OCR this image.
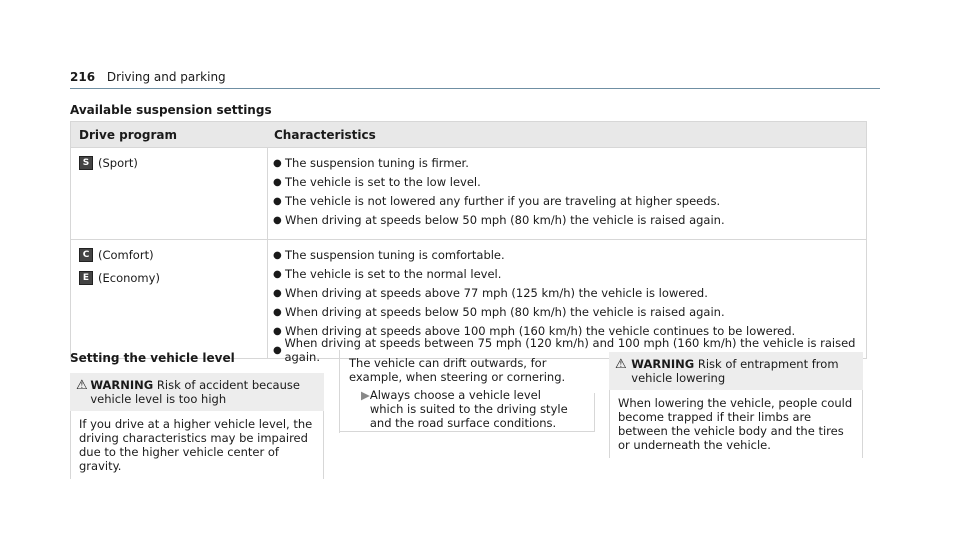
216 Driving and parking
Available suspension settings
Drive program	Characteristics
S (Sport)	● The suspension tuning is firmer.
● The vehicle is set to the low level.
● The vehicle is not lowered any further if you are traveling at higher speeds.
● When driving at speeds below 50 mph (80 km/h) the vehicle is raised again.
C (Comfort)
E (Economy)
● The suspension tuning is comfortable.
● The vehicle is set to the normal level.
● When driving at speeds above 77 mph (125 km/h) the vehicle is lowered.
● When driving at speeds below 50 mph (80 km/h) the vehicle is raised again.
● When driving at speeds above 100 mph (160 km/h) the vehicle continues to be lowered.
● When driving at speeds between 75 mph (120 km/h) and 100 mph (160 km/h) the vehicle is raised again.
Setting the vehicle level
⚠ WARNING Risk of accident because vehicle level is too high
If you drive at a higher vehicle level, the driving characteristics may be impaired due to the higher vehicle center of gravity.
The vehicle can drift outwards, for example, when steering or cornering.
▶ Always choose a vehicle level which is suited to the driving style and the road surface conditions.
⚠ WARNING Risk of entrapment from vehicle lowering
When lowering the vehicle, people could become trapped if their limbs are between the vehicle body and the tires or underneath the vehicle.
